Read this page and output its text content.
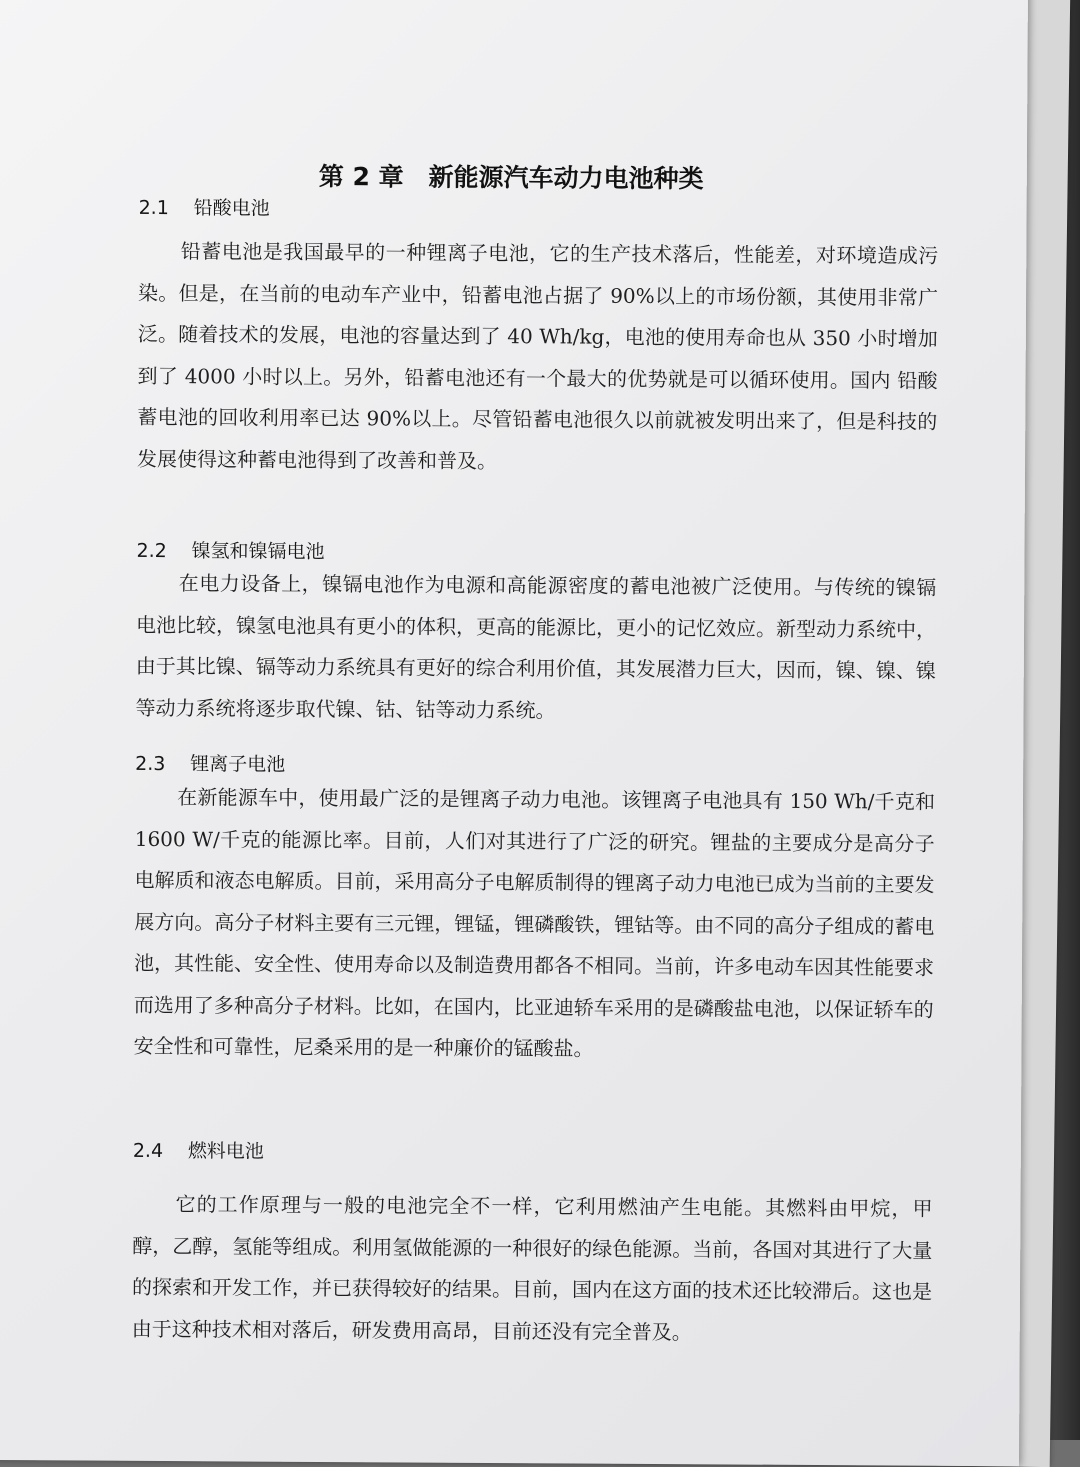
第 2 章　新能源汽车动力电池种类
2.1 铅酸电池
铅蓄电池是我国最早的一种锂离子电池，它的生产技术落后，性能差，对环境造成污染。但是，在当前的电动车产业中，铅蓄电池占据了 90%以上的市场份额，其使用非常广泛。随着技术的发展，电池的容量达到了 40 Wh/kg，电池的使用寿命也从 350 小时增加到了 4000 小时以上。另外，铅蓄电池还有一个最大的优势就是可以循环使用。国内 铅酸蓄电池的回收利用率已达 90%以上。尽管铅蓄电池很久以前就被发明出来了，但是科技的发展使得这种蓄电池得到了改善和普及。
2.2 镍氢和镍镉电池
在电力设备上，镍镉电池作为电源和高能源密度的蓄电池被广泛使用。与传统的镍镉电池比较，镍氢电池具有更小的体积，更高的能源比，更小的记忆效应。新型动力系统中，由于其比镍、镉等动力系统具有更好的综合利用价值，其发展潜力巨大，因而，镍、镍、镍等动力系统将逐步取代镍、钴、钴等动力系统。
2.3 锂离子电池
在新能源车中，使用最广泛的是锂离子动力电池。该锂离子电池具有 150 Wh/千克和 1600 W/千克的能源比率。目前，人们对其进行了广泛的研究。锂盐的主要成分是高分子电解质和液态电解质。目前，采用高分子电解质制得的锂离子动力电池已成为当前的主要发展方向。高分子材料主要有三元锂，锂锰，锂磷酸铁，锂钴等。由不同的高分子组成的蓄电池，其性能、安全性、使用寿命以及制造费用都各不相同。当前，许多电动车因其性能要求而选用了多种高分子材料。比如，在国内，比亚迪轿车采用的是磷酸盐电池，以保证轿车的安全性和可靠性，尼桑采用的是一种廉价的锰酸盐。
2.4 燃料电池
它的工作原理与一般的电池完全不一样，它利用燃油产生电能。其燃料由甲烷，甲醇，乙醇，氢能等组成。利用氢做能源的一种很好的绿色能源。当前，各国对其进行了大量的探索和开发工作，并已获得较好的结果。目前，国内在这方面的技术还比较滞后。这也是由于这种技术相对落后，研发费用高昂，目前还没有完全普及。
